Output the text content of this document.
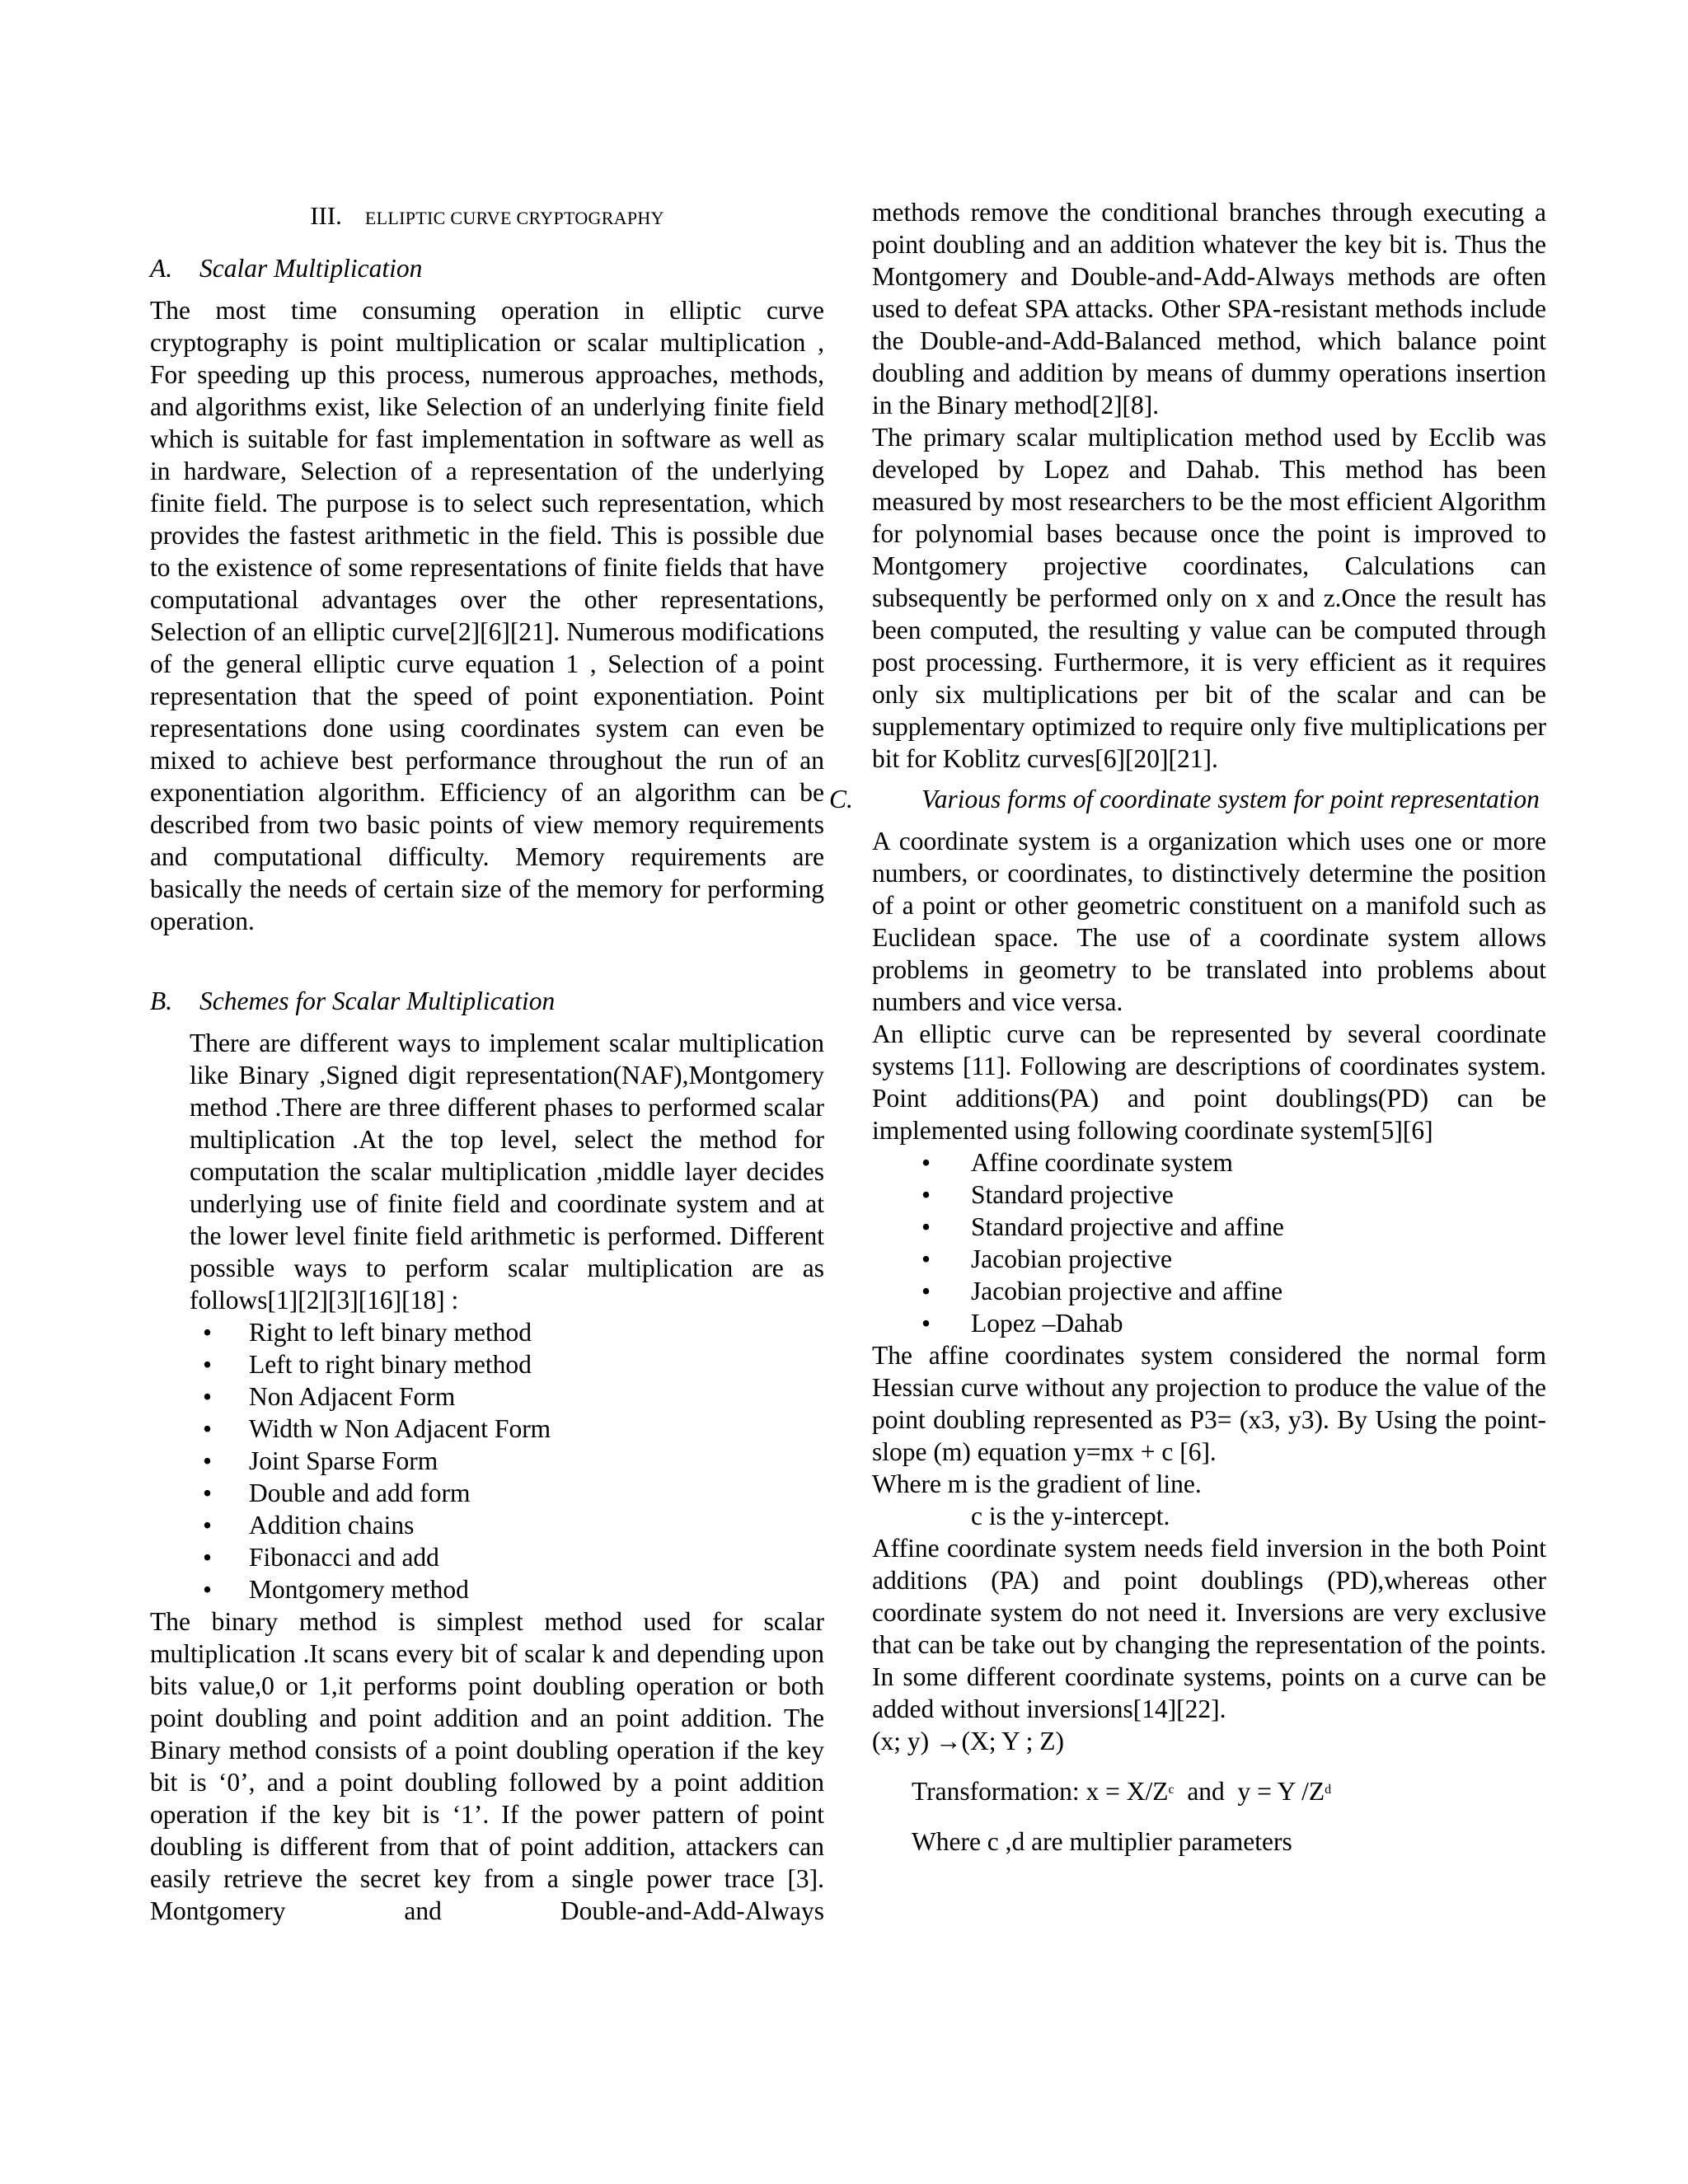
III. ELLIPTIC CURVE CRYPTOGRAPHY
A. Scalar Multiplication

The most time consuming operation in elliptic curve cryptography is point multiplication or scalar multiplication , For speeding up this process, numerous approaches, methods, and algorithms exist, like Selection of an underlying finite field which is suitable for fast implementation in software as well as in hardware, Selection of a representation of the underlying finite field. The purpose is to select such representation, which provides the fastest arithmetic in the field. This is possible due to the existence of some representations of finite fields that have computational advantages over the other representations, Selection of an elliptic curve[2][6][21]. Numerous modifications of the general elliptic curve equation 1 , Selection of a point representation that the speed of point exponentiation. Point representations done using coordinates system can even be mixed to achieve best performance throughout the run of an exponentiation algorithm. Efficiency of an algorithm can be described from two basic points of view memory requirements and computational difficulty. Memory requirements are basically the needs of certain size of the memory for performing operation.

B. Schemes for Scalar Multiplication

There are different ways to implement scalar multiplication like Binary ,Signed digit representation(NAF),Montgomery method .There are three different phases to performed scalar multiplication .At the top level, select the method for computation the scalar multiplication ,middle layer decides underlying use of finite field and coordinate system and at the lower level finite field arithmetic is performed. Different possible ways to perform scalar multiplication are as follows[1][2][3][16][18] :

• Right to left binary method
• Left to right binary method
• Non Adjacent Form
• Width w Non Adjacent Form
• Joint Sparse Form
• Double and add form
• Addition chains
• Fibonacci and add
• Montgomery method

The binary method is simplest method used for scalar multiplication .It scans every bit of scalar k and depending upon bits value,0 or 1,it performs point doubling operation or both point doubling and point addition and an point addition. The Binary method consists of a point doubling operation if the key bit is ‘0’, and a point doubling followed by a point addition operation if the key bit is ‘1’. If the power pattern of point doubling is different from that of point addition, attackers can easily retrieve the secret key from a single power trace [3]. Montgomery and Double-and-Add-Always

methods remove the conditional branches through executing a point doubling and an addition whatever the key bit is. Thus the Montgomery and Double-and-Add-Always methods are often used to defeat SPA attacks. Other SPA-resistant methods include the Double-and-Add-Balanced method, which balance point doubling and addition by means of dummy operations insertion in the Binary method[2][8].

The primary scalar multiplication method used by Ecclib was developed by Lopez and Dahab. This method has been measured by most researchers to be the most efficient Algorithm for polynomial bases because once the point is improved to Montgomery projective coordinates, Calculations can subsequently be performed only on x and z.Once the result has been computed, the resulting y value can be computed through post processing. Furthermore, it is very efficient as it requires only six multiplications per bit of the scalar and can be supplementary optimized to require only five multiplications per bit for Koblitz curves[6][20][21].

C.	Various forms of coordinate system for point representation

A coordinate system is a organization which uses one or more numbers, or coordinates, to distinctively determine the position of a point or other geometric constituent on a manifold such as Euclidean space. The use of a coordinate system allows problems in geometry to be translated into problems about numbers and vice versa.

An elliptic curve can be represented by several coordinate systems [11]. Following are descriptions of coordinates system. Point additions(PA) and point doublings(PD) can be implemented using following coordinate system[5][6]

• Affine coordinate system
• Standard projective
• Standard projective and affine
• Jacobian projective
• Jacobian projective and affine
• Lopez –Dahab

The affine coordinates system considered the normal form Hessian curve without any projection to produce the value of the point doubling represented as P3= (x3, y3). By Using the point-slope (m) equation y=mx + c [6].

Where m is the gradient of line.

c is the y-intercept.

Affine coordinate system needs field inversion in the both Point additions (PA) and point doublings (PD),whereas other coordinate system do not need it. Inversions are very exclusive that can be take out by changing the representation of the points. In some different coordinate systems, points on a curve can be added without inversions[14][22].

(x; y) →(X; Y ; Z)

Transformation: $x = X/Z^c$  and  y = Y $/Z^d$

Where c ,d are multiplier parameters
